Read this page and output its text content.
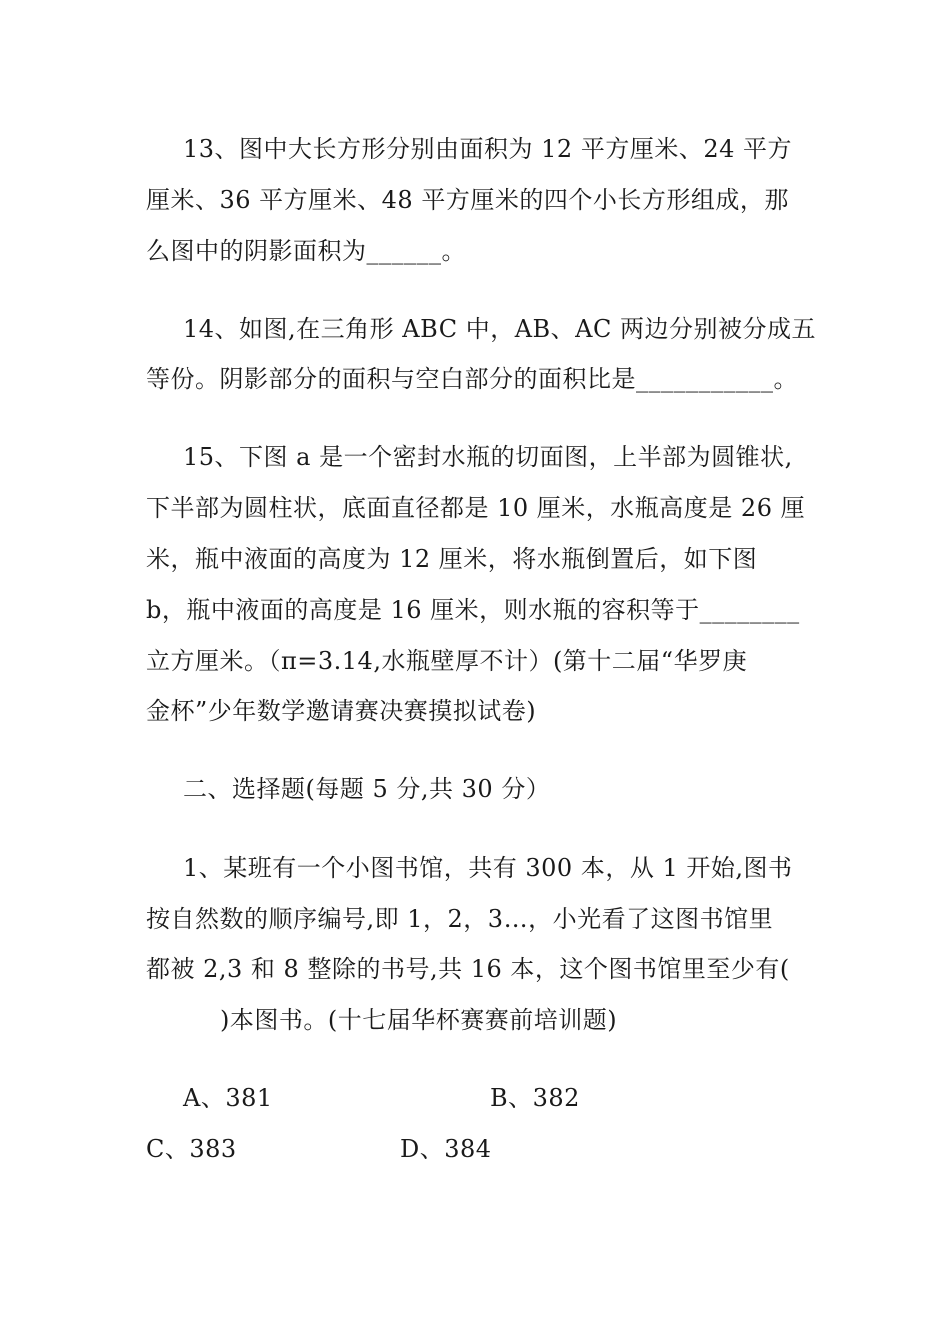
13、图中大长方形分别由面积为 12 平方厘米、24 平方
厘米、36 平方厘米、48 平方厘米的四个小长方形组成，那
么图中的阴影面积为______。
14、如图,在三角形 ABC 中，AB、AC 两边分别被分成五
等份。阴影部分的面积与空白部分的面积比是___________。
15、下图 a 是一个密封水瓶的切面图，上半部为圆锥状,
下半部为圆柱状，底面直径都是 10 厘米，水瓶高度是 26 厘
米，瓶中液面的高度为 12 厘米，将水瓶倒置后，如下图
b，瓶中液面的高度是 16 厘米，则水瓶的容积等于________
立方厘米。（π=3.14,水瓶壁厚不计）(第十二届“华罗庚
金杯”少年数学邀请赛决赛摸拟试卷)
二、选择题(每题 5 分,共 30 分）
1、某班有一个小图书馆，共有 300 本，从 1 开始,图书
按自然数的顺序编号,即 1，2，3…，小光看了这图书馆里
都被 2,3 和 8 整除的书号,共 16 本，这个图书馆里至少有(
)本图书。(十七届华杯赛赛前培训题)
A、381	B、382
C、383	D、384
